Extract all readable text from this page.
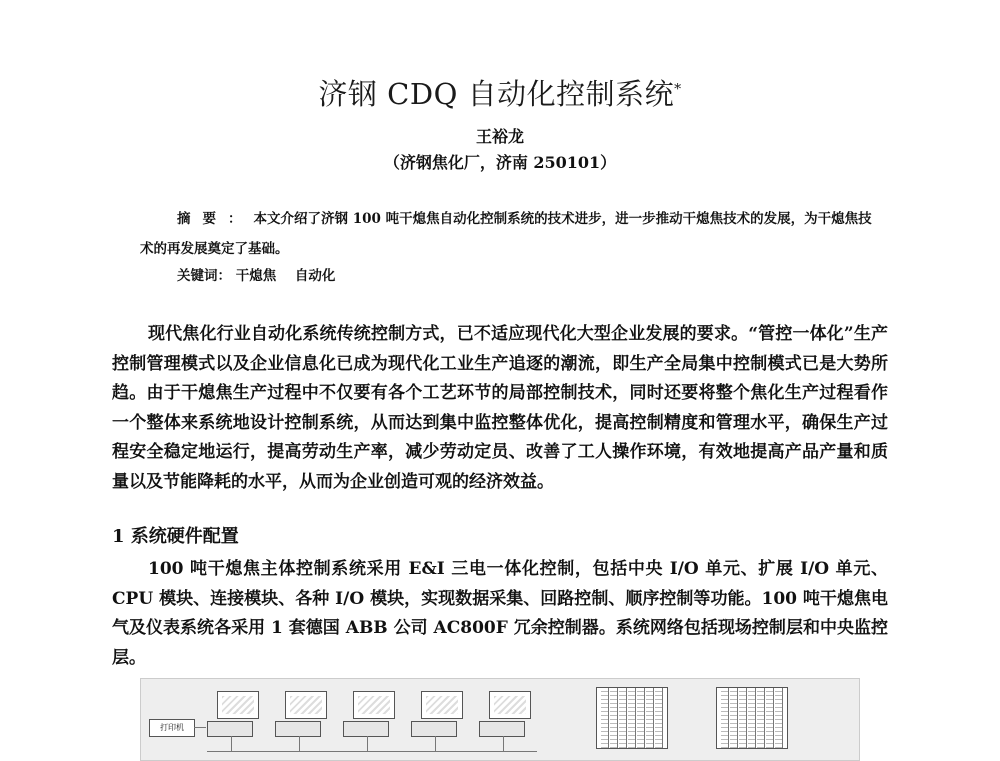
济钢 CDQ 自动化控制系统*
王裕龙
（济钢焦化厂，济南 250101）
摘要：本文介绍了济钢 100 吨干熄焦自动化控制系统的技术进步，进一步推动干熄焦技术的发展，为干熄焦技术的再发展奠定了基础。
关键词： 干熄焦 自动化
现代焦化行业自动化系统传统控制方式，已不适应现代化大型企业发展的要求。“管控一体化”生产控制管理模式以及企业信息化已成为现代化工业生产追逐的潮流，即生产全局集中控制模式已是大势所趋。由于干熄焦生产过程中不仅要有各个工艺环节的局部控制技术，同时还要将整个焦化生产过程看作一个整体来系统地设计控制系统，从而达到集中监控整体优化，提高控制精度和管理水平，确保生产过程安全稳定地运行，提高劳动生产率，减少劳动定员、改善了工人操作环境，有效地提高产品产量和质量以及节能降耗的水平，从而为企业创造可观的经济效益。
1 系统硬件配置
100 吨干熄焦主体控制系统采用 E&I 三电一体化控制，包括中央 I/O 单元、扩展 I/O 单元、CPU 模块、连接模块、各种 I/O 模块，实现数据采集、回路控制、顺序控制等功能。100 吨干熄焦电气及仪表系统各采用 1 套德国 ABB 公司 AC800F 冗余控制器。系统网络包括现场控制层和中央监控层。
打印机
